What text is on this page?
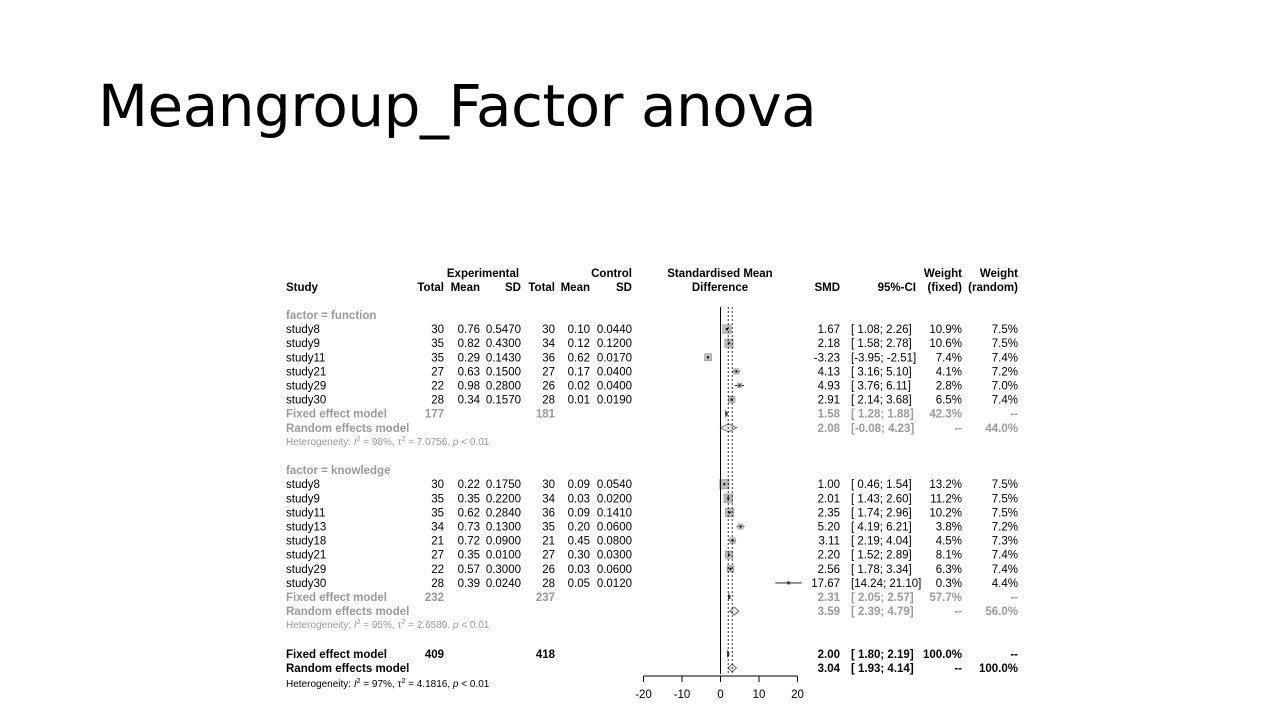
Meangroup_Factor anova
Experimental	Control	Standardised Mean	Weight Weight
Study	Total Mean SD Total Mean SD	Difference	SMD	95%-CI (fixed) (random)
factor = function
study8	30 0.76 0.5470 30 0.10 0.0440	1.67 [ 1.08; 2.26] 10.9%	7.5%
study9	35 0.82 0.4300 34 0.12 0.1200	2.18 [ 1.58; 2.78] 10.6%	7.5%
study11	35 0.29 0.1430 36 0.62 0.0170	-3.23 [-3.95; -2.51] 7.4%	7.4%
study21	27 0.63 0.1500 27 0.17 0.0400	4.13 [ 3.16; 5.10] 4.1%	7.2%
study29	22 0.98 0.2800 26 0.02 0.0400	4.93 [ 3.76; 6.11] 2.8%	7.0%
study30	28 0.34 0.1570 28 0.01 0.0190	2.91 [ 2.14; 3.68] 6.5%	7.4%
Fixed effect model	177	181	1.58 [ 1.28; 1.88] 42.3%	--
Random effects model	2.08 [-0.08; 4.23]	-- 44.0%
Heterogeneity: $I^2 = 98\%$, $\tau^2 = 7.0756$, p < 0.01
factor = knowledge
study8	30 0.22 0.1750 30 0.09 0.0540	1.00 [ 0.46; 1.54] 13.2%	7.5%
study9	35 0.35 0.2200 34 0.03 0.0200	2.01 [ 1.43; 2.60] 11.2%	7.5%
study11	35 0.62 0.2840 36 0.09 0.1410	2.35 [ 1.74; 2.96] 10.2%	7.5%
study13	34 0.73 0.1300 35 0.20 0.0600	5.20 [ 4.19; 6.21] 3.8%	7.2%
study18	21 0.72 0.0900 21 0.45 0.0800	3.11 [ 2.19; 4.04] 4.5%	7.3%
study21	27 0.35 0.0100 27 0.30 0.0300	2.20 [ 1.52; 2.89] 8.1%	7.4%
study29	22 0.57 0.3000 26 0.03 0.0600	2.56 [ 1.78; 3.34] 6.3%	7.4%
study30	28 0.39 0.0240 28 0.05 0.0120	17.67 [14.24; 21.10] 0.3%	4.4%
Fixed effect model	232	237	2.31 [ 2.05; 2.57] 57.7%	--
Random effects model	3.59 [ 2.39; 4.79]	-- 56.0%
Heterogeneity: $I^2 = 95\%$, $\tau^2 = 2.6589$, p < 0.01
Fixed effect model	409	418	2.00 [ 1.80; 2.19] 100.0%	--
Random effects model	3.04 [ 1.93; 4.14]	-- 100.0%
Heterogeneity: $I^2 = 97\%$, $\tau^2 = 4.1816$, p < 0.01
-20 -10 0	10 20
